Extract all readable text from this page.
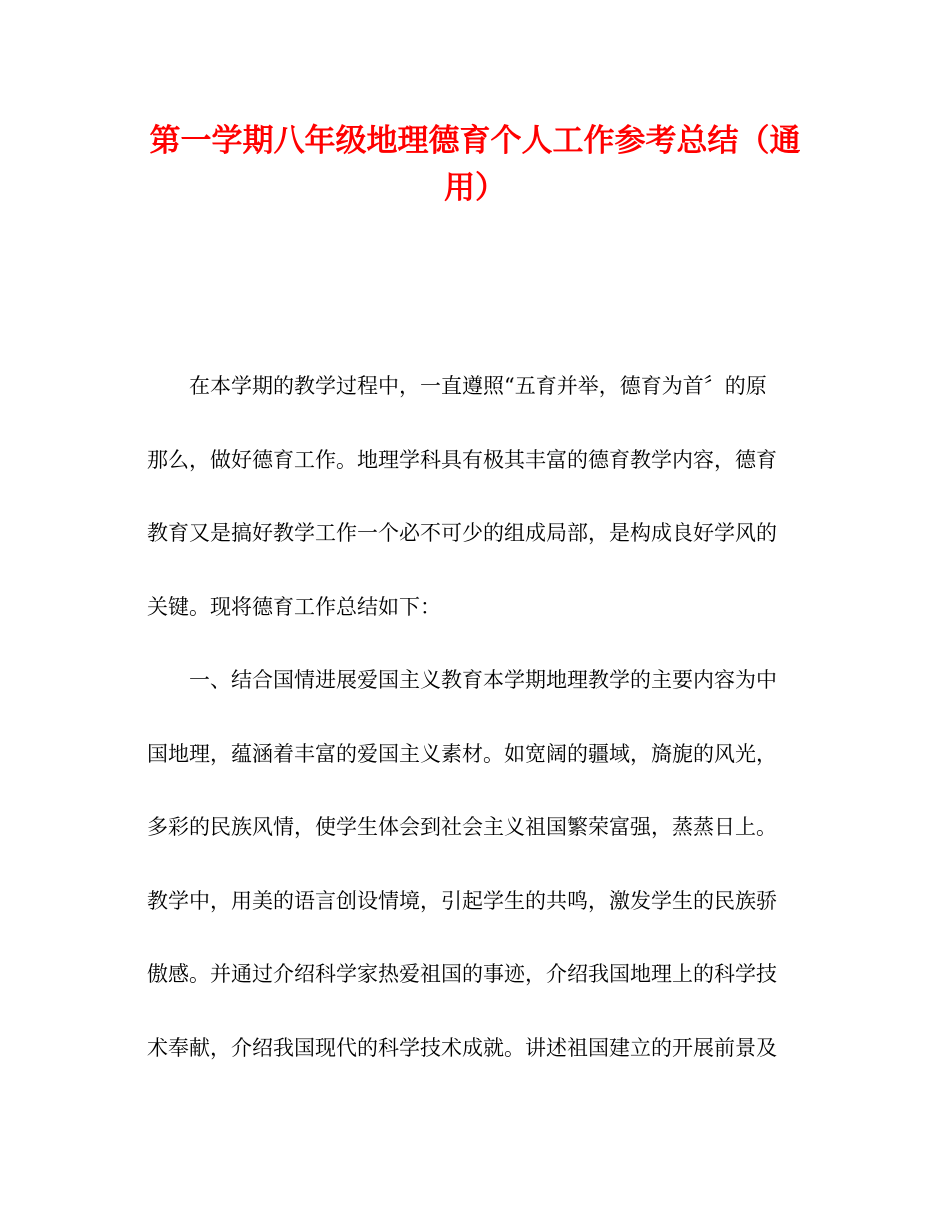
第一学期八年级地理德育个人工作参考总结（通
用）
在本学期的教学过程中，一直遵照“五育并举，德育为首〞的原
那么，做好德育工作。地理学科具有极其丰富的德育教学内容，德育
教育又是搞好教学工作一个必不可少的组成局部，是构成良好学风的
关键。现将德育工作总结如下：
一、结合国情进展爱国主义教育本学期地理教学的主要内容为中
国地理，蕴涵着丰富的爱国主义素材。如宽阔的疆域，旖旎的风光，
多彩的民族风情，使学生体会到社会主义祖国繁荣富强，蒸蒸日上。
教学中，用美的语言创设情境，引起学生的共鸣，激发学生的民族骄
傲感。并通过介绍科学家热爱祖国的事迹，介绍我国地理上的科学技
术奉献，介绍我国现代的科学技术成就。讲述祖国建立的开展前景及
